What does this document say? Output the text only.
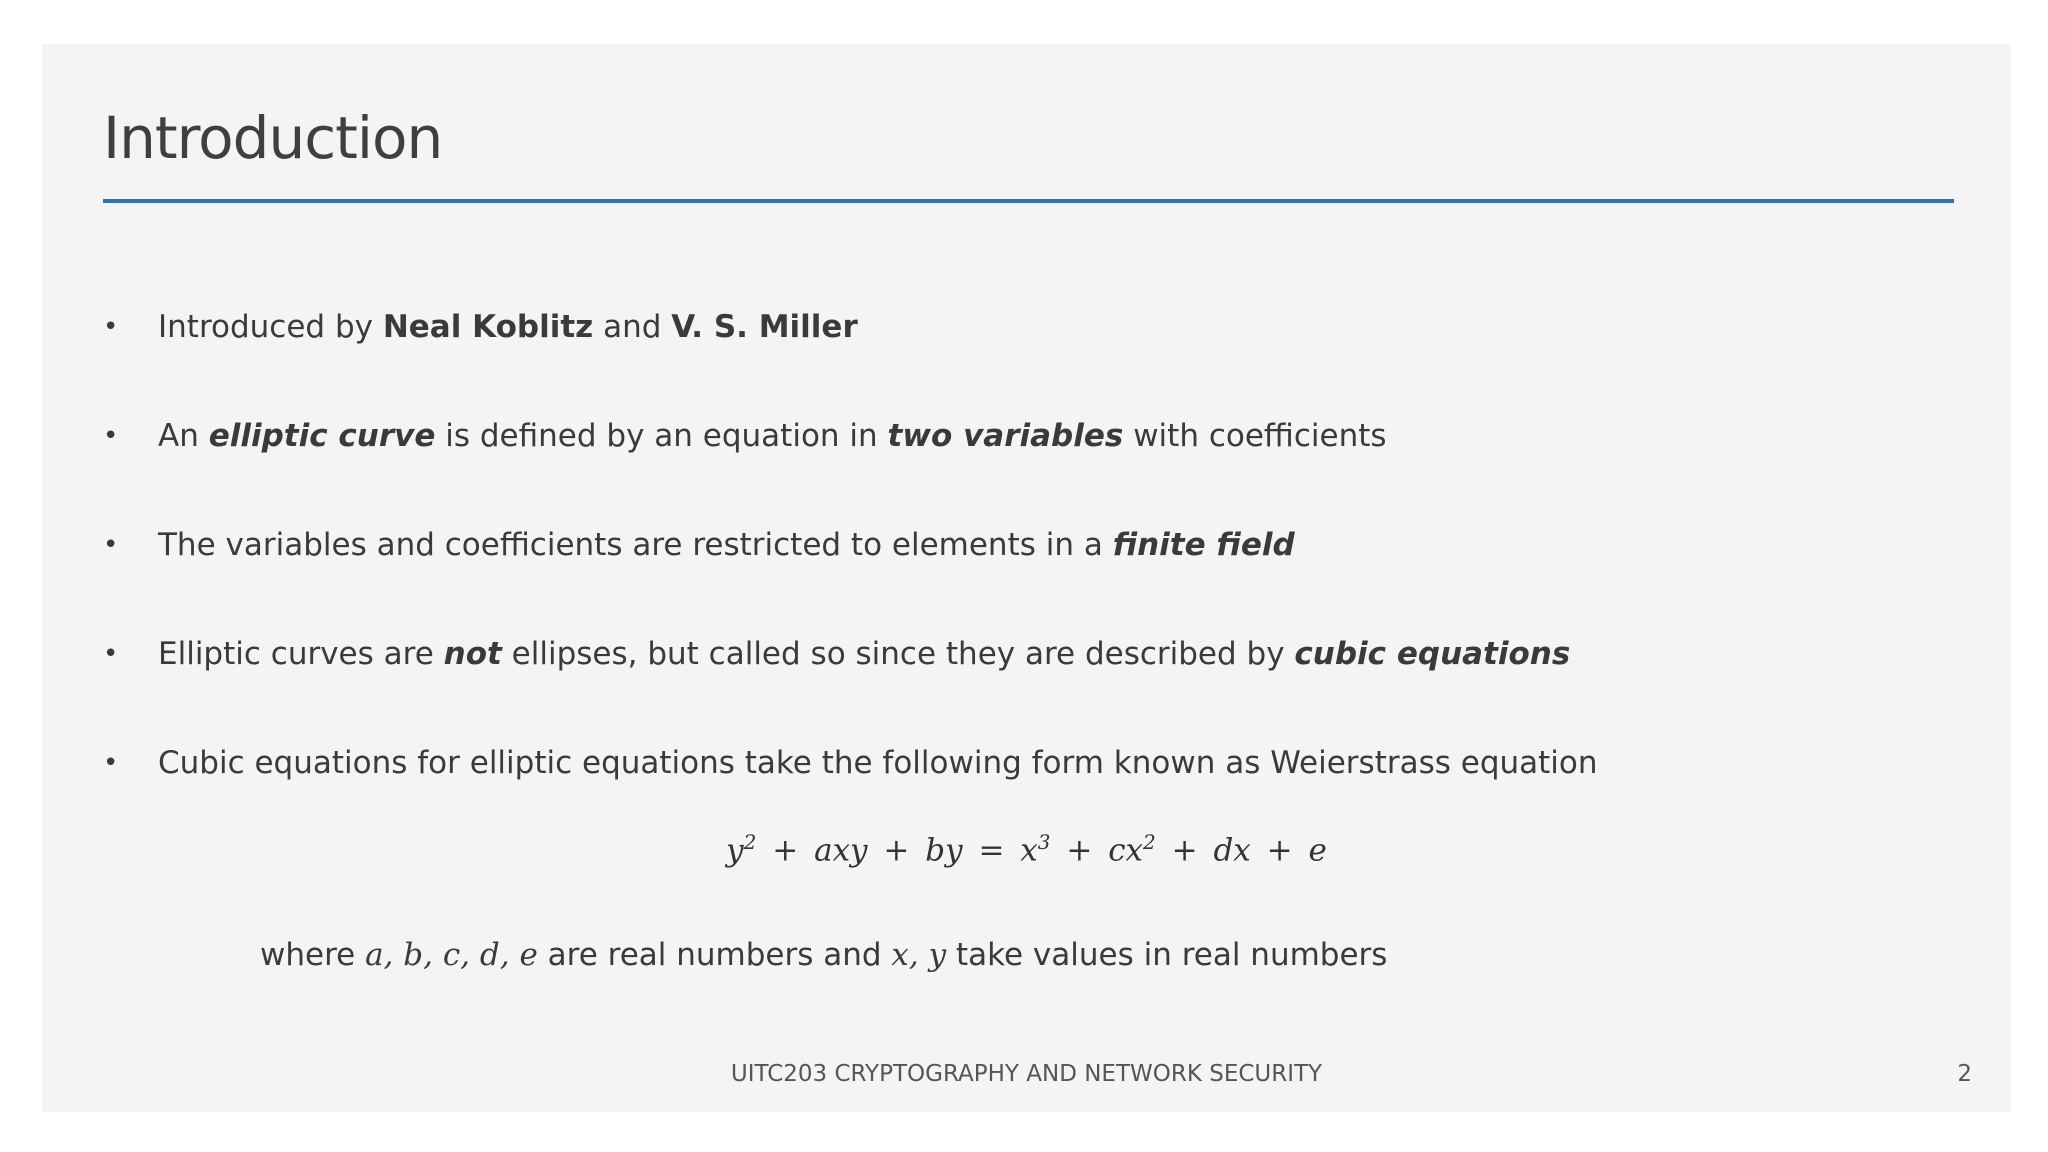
Introduction
•	Introduced by Neal Koblitz and V. S. Miller
•	An elliptic curve is defined by an equation in two variables with coefficients
•	The variables and coefficients are restricted to elements in a finite field
•	Elliptic curves are not ellipses, but called so since they are described by cubic equations
•	Cubic equations for elliptic equations take the following form known as Weierstrass equation
$y^2$ + axy + by = $x^3 + cx^2$ + dx + e
where a, b, c, d, e are real numbers and x, y take values in real numbers
UITC203 CRYPTOGRAPHY AND NETWORK SECURITY	2
